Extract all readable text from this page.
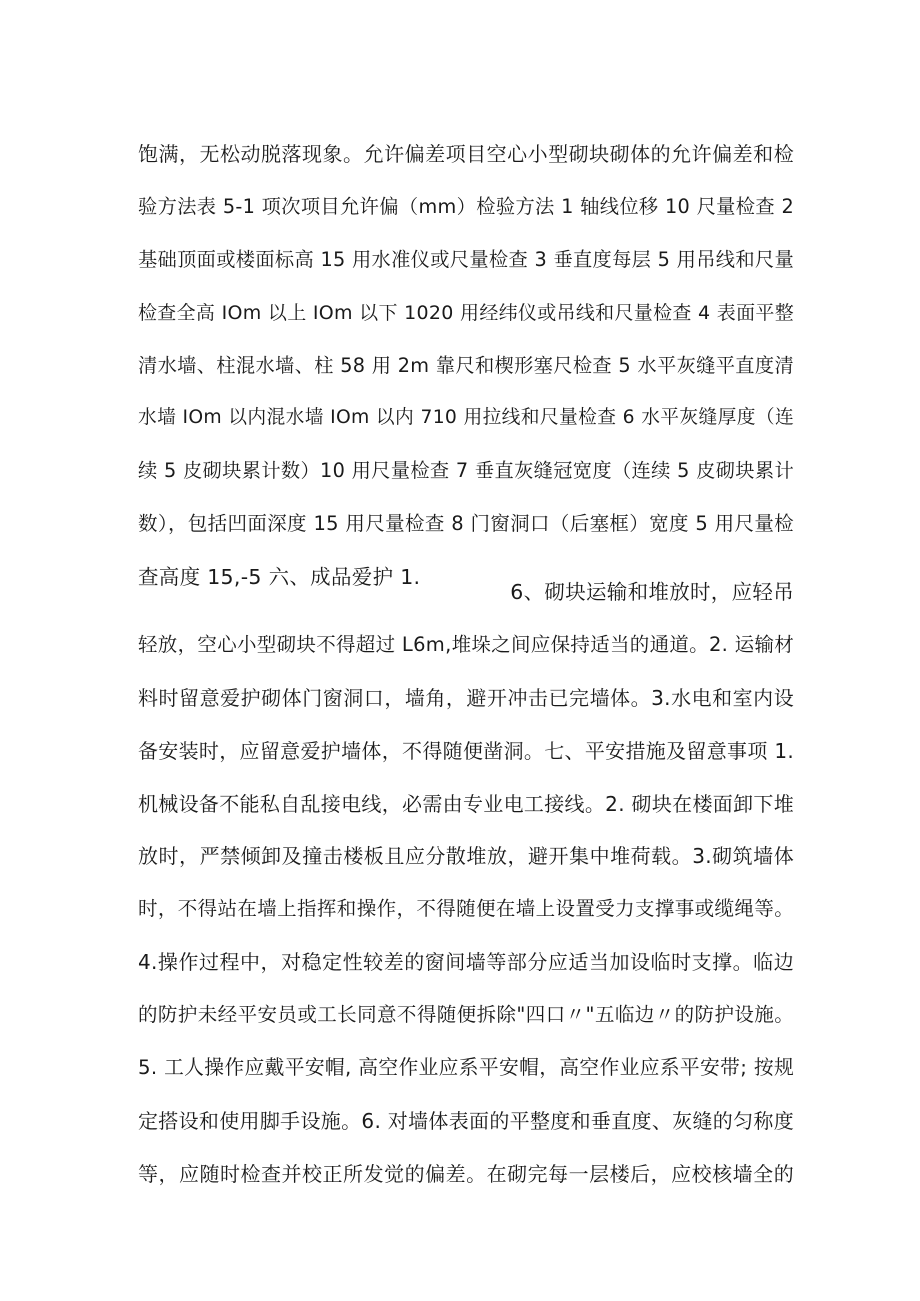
饱满，无松动脱落现象。允许偏差项目空心小型砌块砌体的允许偏差和检
验方法表 5-1 项次项目允许偏（mm）检验方法 1 轴线位移 10 尺量检查 2
基础顶面或楼面标高 15 用水准仪或尺量检查 3 垂直度每层 5 用吊线和尺量
检查全高 IOm 以上 IOm 以下 1020 用经纬仪或吊线和尺量检查 4 表面平整
清水墙、柱混水墙、柱 58 用 2m 靠尺和楔形塞尺检查 5 水平灰缝平直度清
水墙 IOm 以内混水墙 IOm 以内 710 用拉线和尺量检查 6 水平灰缝厚度（连
续 5 皮砌块累计数）10 用尺量检查 7 垂直灰缝冠宽度（连续 5 皮砌块累计
数），包括凹面深度 15 用尺量检查 8 门窗洞口（后塞框）宽度 5 用尺量检
查高度 15,-5 六、成品爱护 1.
6、砌块运输和堆放时，应轻吊
轻放，空心小型砌块不得超过 L6m,堆垛之间应保持适当的通道。2. 运输材
料时留意爱护砌体门窗洞口，墙角，避开冲击已完墙体。3.水电和室内设
备安装时，应留意爱护墙体，不得随便凿洞。七、平安措施及留意事项 1.
机械设备不能私自乱接电线，必需由专业电工接线。2. 砌块在楼面卸下堆
放时，严禁倾卸及撞击楼板且应分散堆放，避开集中堆荷载。3.砌筑墙体
时，不得站在墙上指挥和操作，不得随便在墙上设置受力支撑事或缆绳等。
4.操作过程中，对稳定性较差的窗间墙等部分应适当加设临时支撑。临边
的防护未经平安员或工长同意不得随便拆除"四口〃"五临边〃的防护设施。
5. 工人操作应戴平安帽, 高空作业应系平安帽，高空作业应系平安带; 按规
定搭设和使用脚手设施。6. 对墙体表面的平整度和垂直度、灰缝的匀称度
等，应随时检查并校正所发觉的偏差。在砌完每一层楼后，应校核墙全的
